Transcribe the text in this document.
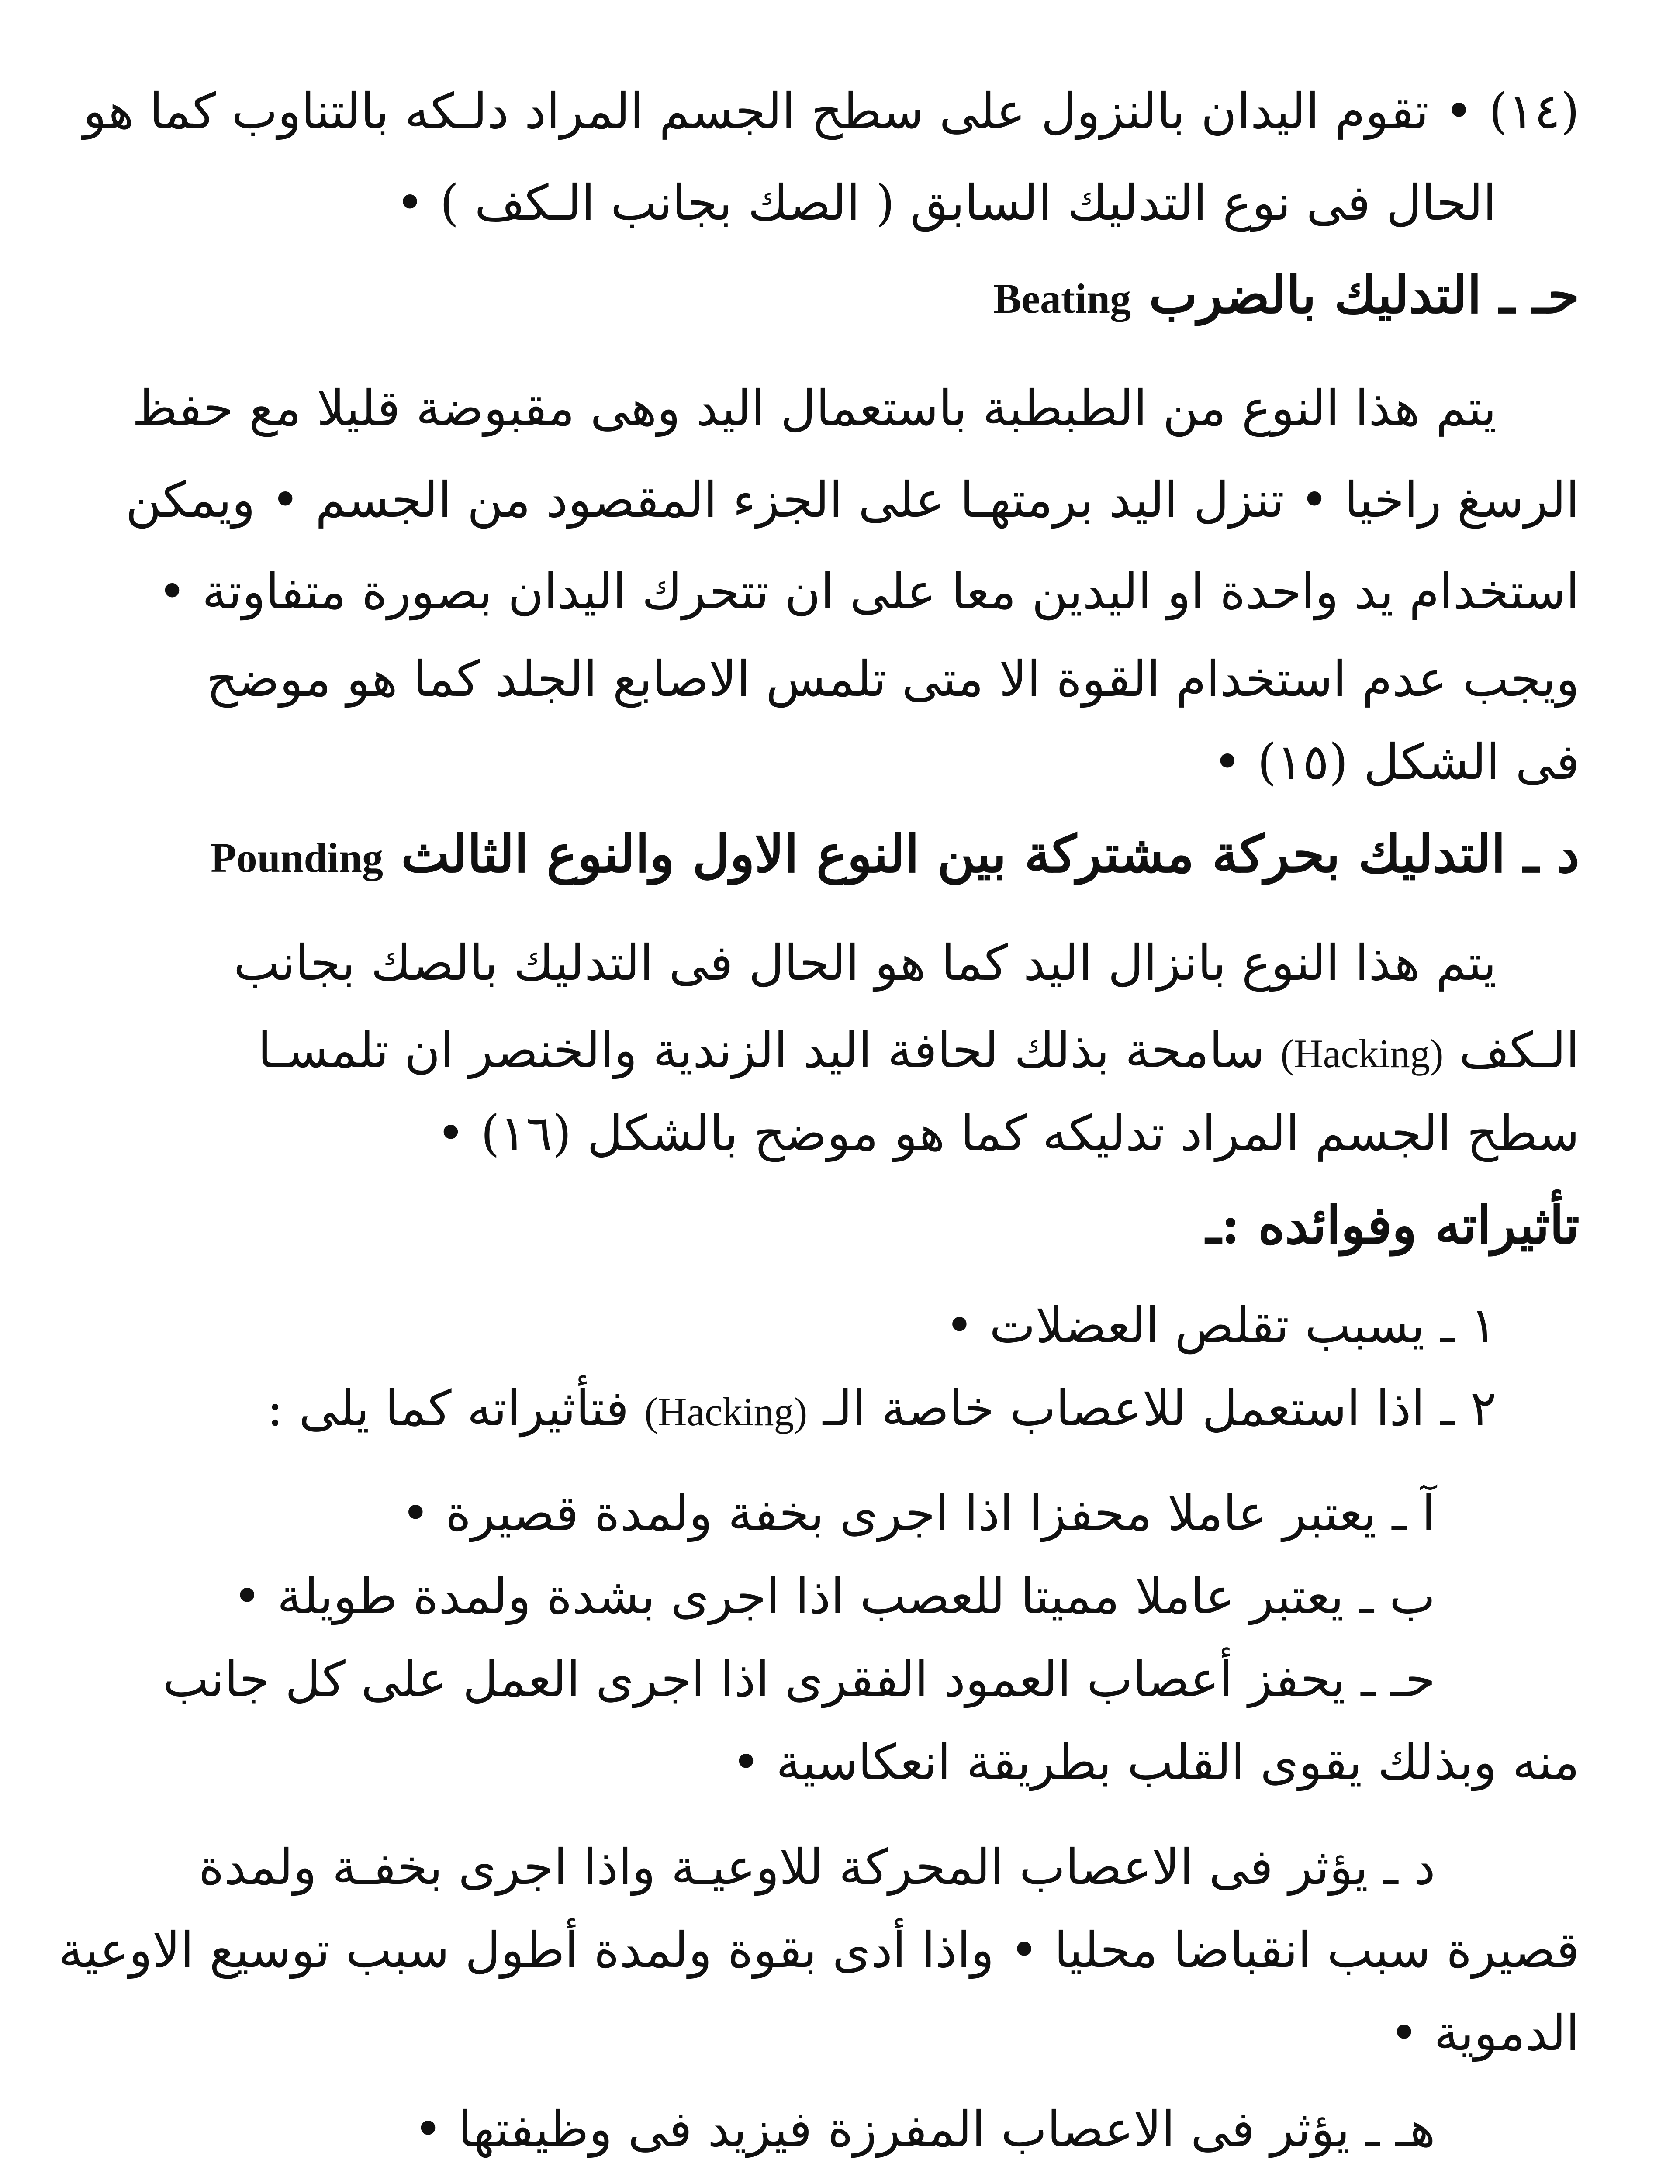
(١٤) • تقوم اليدان بالنزول على سطح الجسم المراد دلـكه بالتناوب كما هو
الحال فى نوع التدليك السابق ( الصك بجانب الـكف ) •
حـ ـ التدليك بالضرب Beating
يتم هذا النوع من الطبطبة باستعمال اليد وهى مقبوضة قليلا مع حفظ
الرسغ راخيا • تنزل اليد برمتهـا على الجزء المقصود من الجسم • ويمكن
استخدام يد واحدة او اليدين معا على ان تتحرك اليدان بصورة متفاوتة •
ويجب عدم استخدام القوة الا متى تلمس الاصابع الجلد كما هو موضح
فى الشكل (١٥) •
د ـ التدليك بحركة مشتركة بين النوع الاول والنوع الثالث Pounding
يتم هذا النوع بانزال اليد كما هو الحال فى التدليك بالصك بجانب
الـكف (Hacking) سامحة بذلك لحافة اليد الزندية والخنصر ان تلمسـا
سطح الجسم المراد تدليكه كما هو موضح بالشكل (١٦) •
تأثيراته وفوائده :ـ
١ ـ يسبب تقلص العضلات •
٢ ـ اذا استعمل للاعصاب خاصة الـ (Hacking) فتأثيراته كما يلى :
آ ـ يعتبر عاملا محفزا اذا اجرى بخفة ولمدة قصيرة •
ب ـ يعتبر عاملا مميتا للعصب اذا اجرى بشدة ولمدة طويلة •
حـ ـ يحفز أعصاب العمود الفقرى اذا اجرى العمل على كل جانب
منه وبذلك يقوى القلب بطريقة انعكاسية •
د ـ يؤثر فى الاعصاب المحركة للاوعيـة واذا اجرى بخفـة ولمدة
قصيرة سبب انقباضا محليا • واذا أدى بقوة ولمدة أطول سبب توسيع الاوعية
الدموية •
هـ ـ يؤثر فى الاعصاب المفرزة فيزيد فى وظيفتها •
